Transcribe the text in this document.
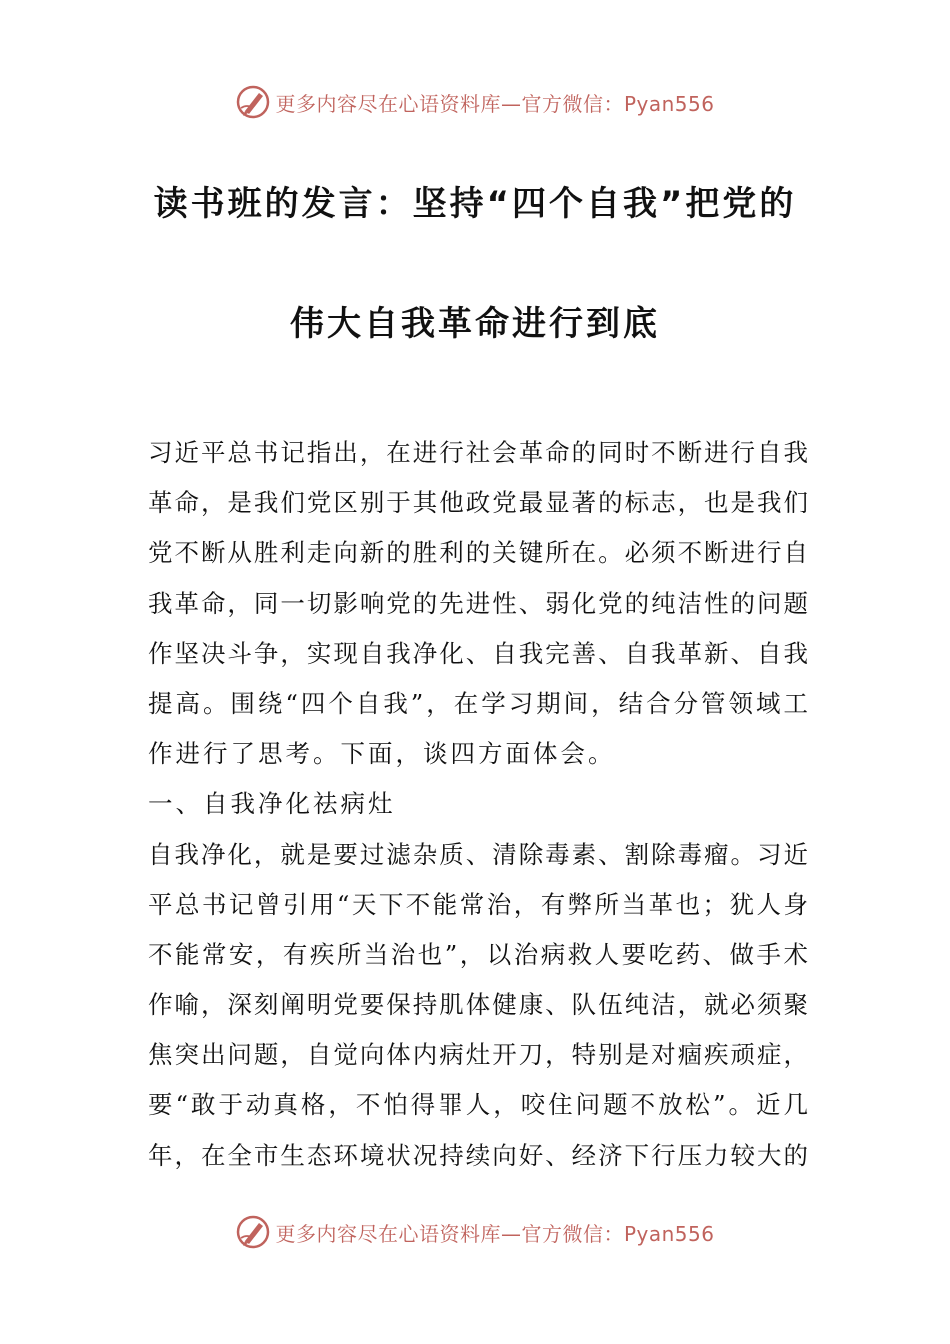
更多内容尽在心语资料库—官方微信：Pyan556
读书班的发言：坚持“四个自我”把党的
伟大自我革命进行到底
习近平总书记指出，在进行社会革命的同时不断进行自我
革命，是我们党区别于其他政党最显著的标志，也是我们
党不断从胜利走向新的胜利的关键所在。必须不断进行自
我革命，同一切影响党的先进性、弱化党的纯洁性的问题
作坚决斗争，实现自我净化、自我完善、自我革新、自我
提高。围绕“四个自我”，在学习期间，结合分管领域工
作进行了思考。下面，谈四方面体会。
一、自我净化祛病灶
自我净化，就是要过滤杂质、清除毒素、割除毒瘤。习近
平总书记曾引用“天下不能常治，有弊所当革也；犹人身
不能常安，有疾所当治也”，以治病救人要吃药、做手术
作喻，深刻阐明党要保持肌体健康、队伍纯洁，就必须聚
焦突出问题，自觉向体内病灶开刀，特别是对痼疾顽症，
要“敢于动真格，不怕得罪人，咬住问题不放松”。近几
年，在全市生态环境状况持续向好、经济下行压力较大的
更多内容尽在心语资料库—官方微信：Pyan556
